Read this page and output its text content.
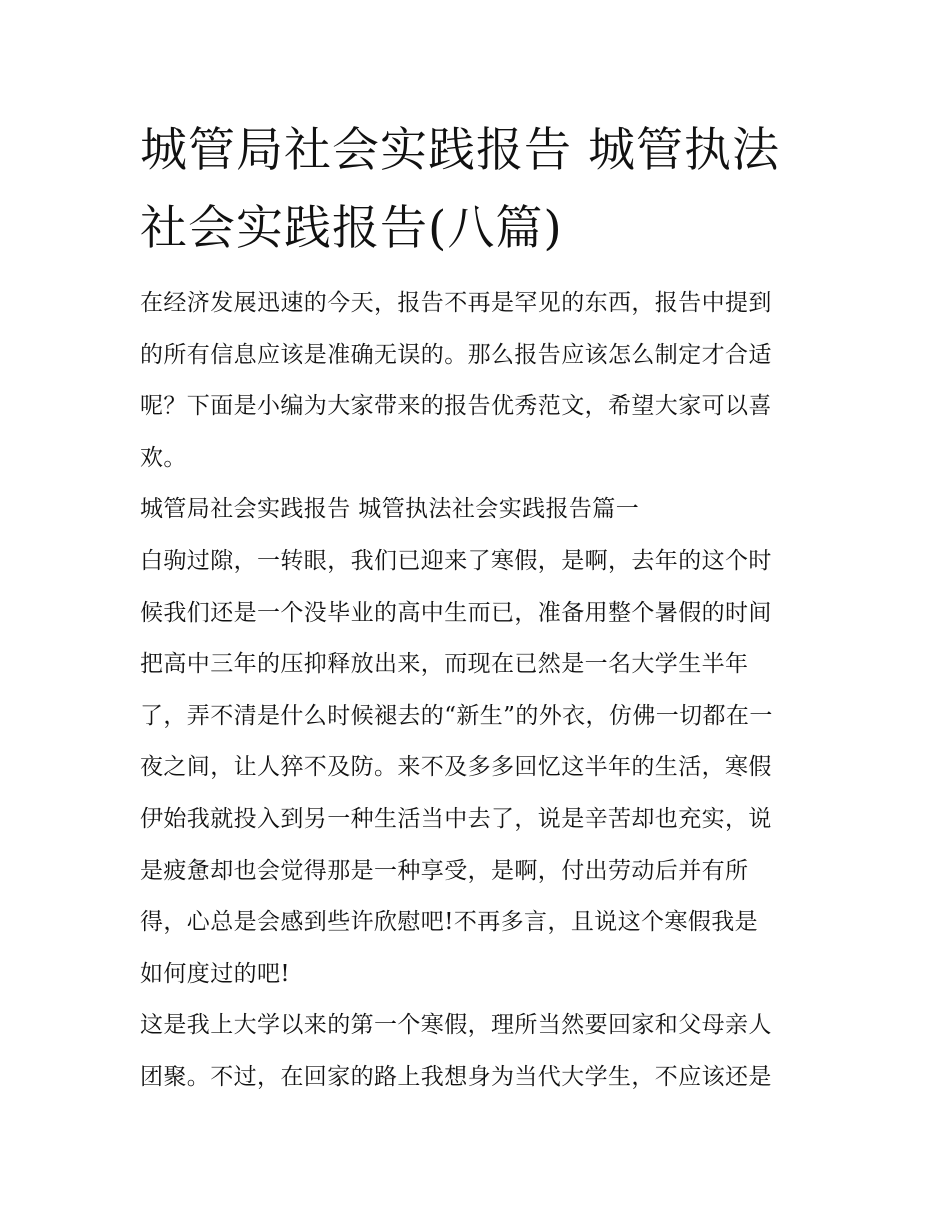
城管局社会实践报告 城管执法
社会实践报告(八篇)
在经济发展迅速的今天，报告不再是罕见的东西，报告中提到
的所有信息应该是准确无误的。那么报告应该怎么制定才合适
呢？下面是小编为大家带来的报告优秀范文，希望大家可以喜
欢。
城管局社会实践报告 城管执法社会实践报告篇一
白驹过隙，一转眼，我们已迎来了寒假，是啊，去年的这个时
候我们还是一个没毕业的高中生而已，准备用整个暑假的时间
把高中三年的压抑释放出来，而现在已然是一名大学生半年
了，弄不清是什么时候褪去的“新生”的外衣，仿佛一切都在一
夜之间，让人猝不及防。来不及多多回忆这半年的生活，寒假
伊始我就投入到另一种生活当中去了，说是辛苦却也充实，说
是疲惫却也会觉得那是一种享受，是啊，付出劳动后并有所
得，心总是会感到些许欣慰吧!不再多言，且说这个寒假我是
如何度过的吧!
这是我上大学以来的第一个寒假，理所当然要回家和父母亲人
团聚。不过，在回家的路上我想身为当代大学生，不应该还是
